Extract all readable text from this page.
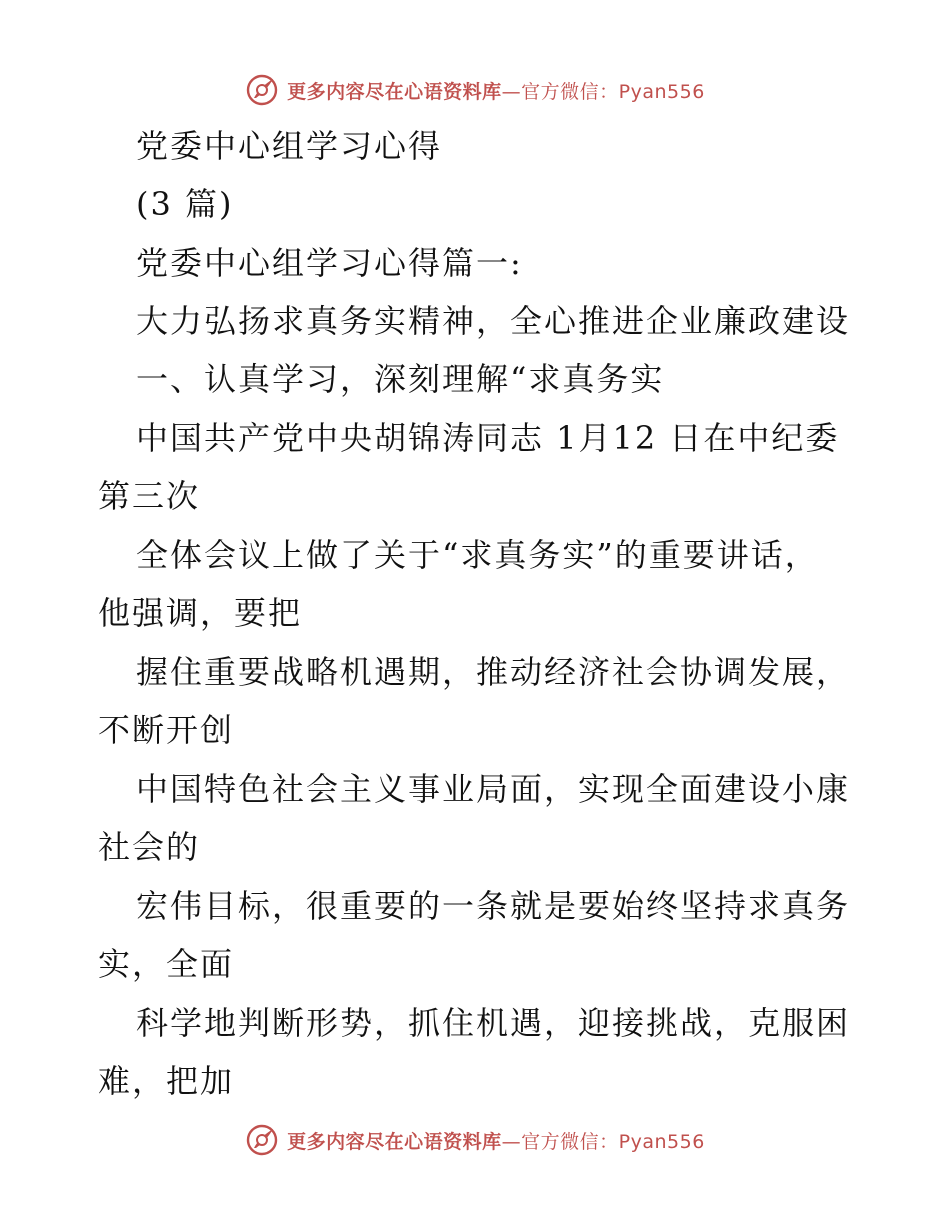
更多内容尽在心语资料库—官方微信：Pyan556
党委中心组学习心得
(3 篇)
党委中心组学习心得篇一:
大力弘扬求真务实精神，全心推进企业廉政建设
一、认真学习，深刻理解“求真务实
中国共产党中央胡锦涛同志 1月12 日在中纪委
第三次
全体会议上做了关于“求真务实”的重要讲话，
他强调，要把
握住重要战略机遇期，推动经济社会协调发展，
不断开创
中国特色社会主义事业局面，实现全面建设小康
社会的
宏伟目标，很重要的一条就是要始终坚持求真务
实，全面
科学地判断形势，抓住机遇，迎接挑战，克服困
难，把加
更多内容尽在心语资料库—官方微信：Pyan556
